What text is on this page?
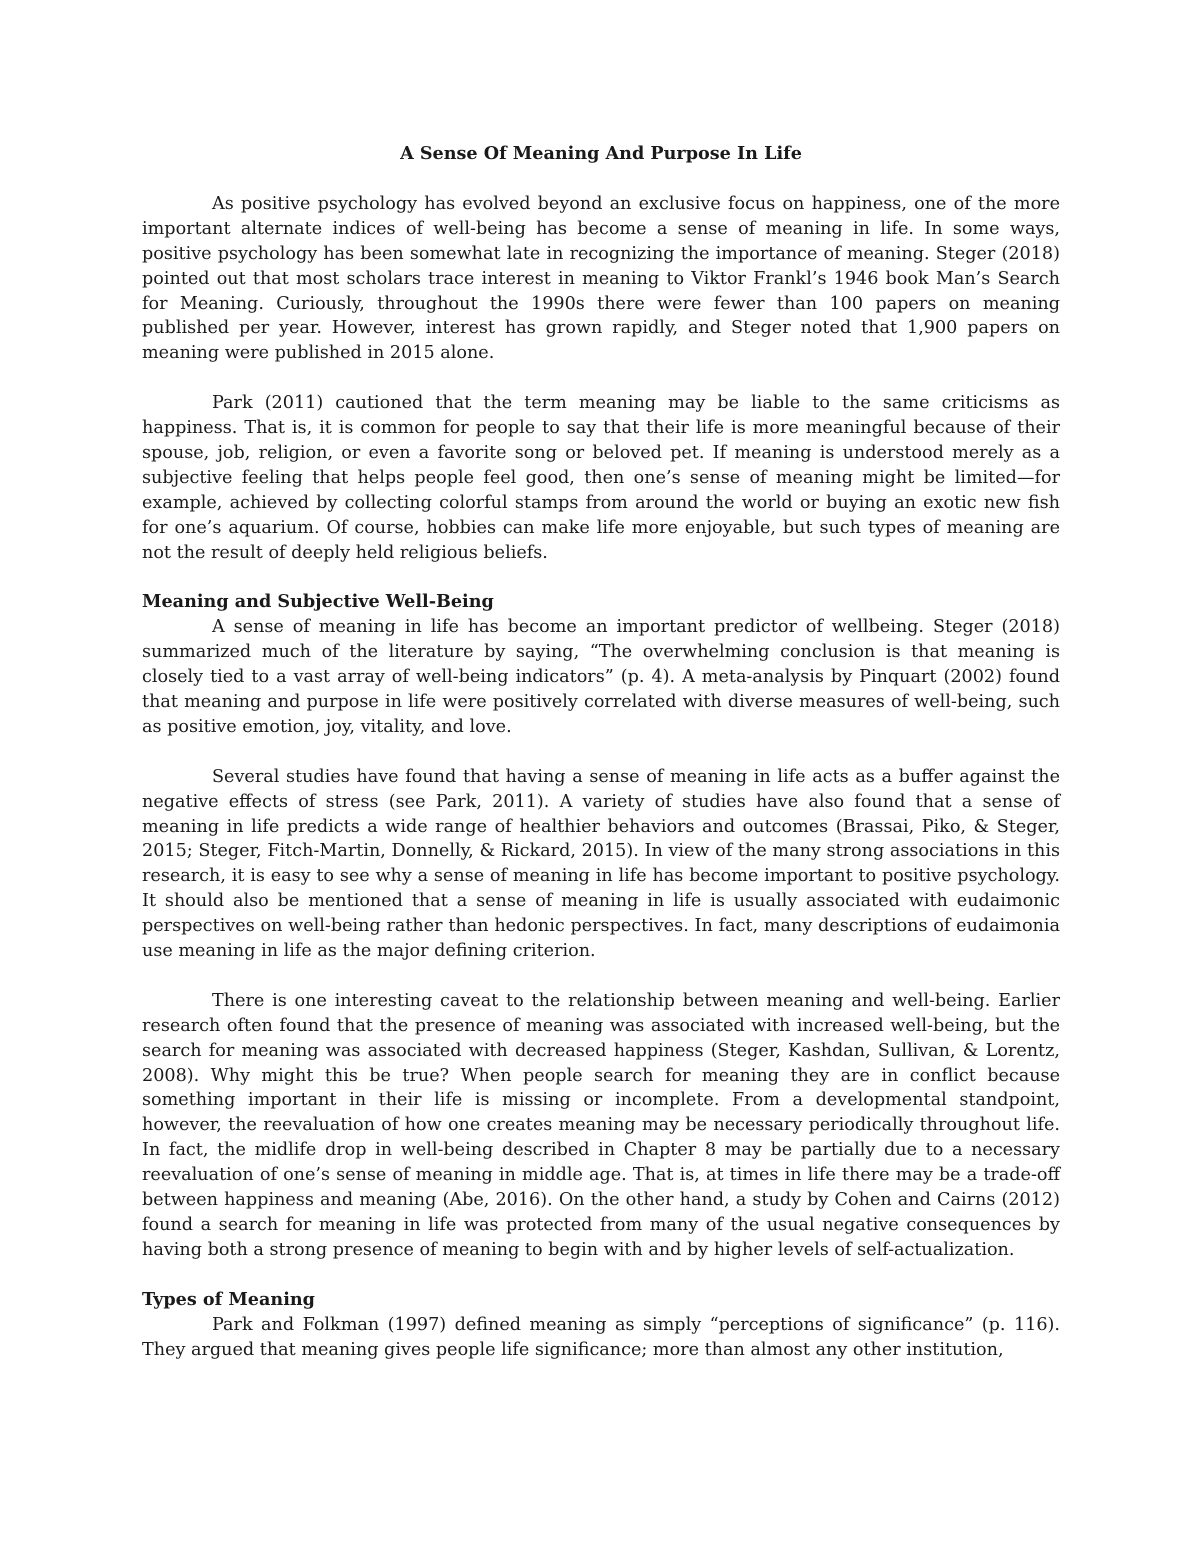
A Sense Of Meaning And Purpose In Life

As positive psychology has evolved beyond an exclusive focus on happiness, one of the more important alternate indices of well-being has become a sense of meaning in life. In some ways, positive psychology has been somewhat late in recognizing the importance of meaning. Steger (2018) pointed out that most scholars trace interest in meaning to Viktor Frankl’s 1946 book Man’s Search for Meaning. Curiously, throughout the 1990s there were fewer than 100 papers on meaning published per year. However, interest has grown rapidly, and Steger noted that 1,900 papers on meaning were published in 2015 alone.

Park (2011) cautioned that the term meaning may be liable to the same criticisms as happiness. That is, it is common for people to say that their life is more meaningful because of their spouse, job, religion, or even a favorite song or beloved pet. If meaning is understood merely as a subjective feeling that helps people feel good, then one’s sense of meaning might be limited—for example, achieved by collecting colorful stamps from around the world or buying an exotic new fish for one’s aquarium. Of course, hobbies can make life more enjoyable, but such types of meaning are not the result of deeply held religious beliefs.

Meaning and Subjective Well-Being

A sense of meaning in life has become an important predictor of wellbeing. Steger (2018) summarized much of the literature by saying, “The overwhelming conclusion is that meaning is closely tied to a vast array of well-being indicators” (p. 4). A meta-analysis by Pinquart (2002) found that meaning and purpose in life were positively correlated with diverse measures of well-being, such as positive emotion, joy, vitality, and love.

Several studies have found that having a sense of meaning in life acts as a buffer against the negative effects of stress (see Park, 2011). A variety of studies have also found that a sense of meaning in life predicts a wide range of healthier behaviors and outcomes (Brassai, Piko, & Steger, 2015; Steger, Fitch-Martin, Donnelly, & Rickard, 2015). In view of the many strong associations in this research, it is easy to see why a sense of meaning in life has become important to positive psychology. It should also be mentioned that a sense of meaning in life is usually associated with eudaimonic perspectives on well-being rather than hedonic perspectives. In fact, many descriptions of eudaimonia use meaning in life as the major defining criterion.

There is one interesting caveat to the relationship between meaning and well-being. Earlier research often found that the presence of meaning was associated with increased well-being, but the search for meaning was associated with decreased happiness (Steger, Kashdan, Sullivan, & Lorentz, 2008). Why might this be true? When people search for meaning they are in conflict because something important in their life is missing or incomplete. From a developmental standpoint, however, the reevaluation of how one creates meaning may be necessary periodically throughout life. In fact, the midlife drop in well-being described in Chapter 8 may be partially due to a necessary reevaluation of one’s sense of meaning in middle age. That is, at times in life there may be a trade-off between happiness and meaning (Abe, 2016). On the other hand, a study by Cohen and Cairns (2012) found a search for meaning in life was protected from many of the usual negative consequences by having both a strong presence of meaning to begin with and by higher levels of self-actualization.

Types of Meaning

Park and Folkman (1997) defined meaning as simply “perceptions of significance” (p. 116). They argued that meaning gives people life significance; more than almost any other institution,
